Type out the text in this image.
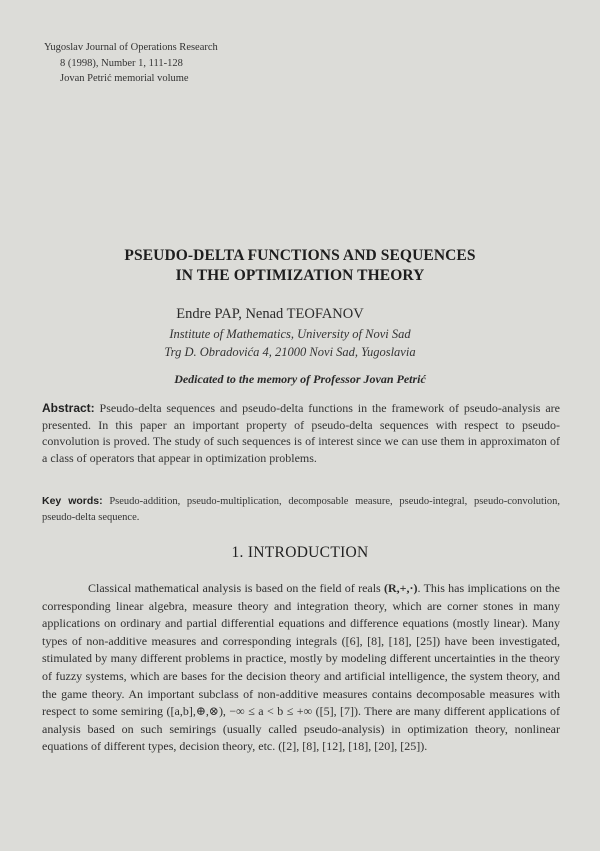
Yugoslav Journal of Operations Research
8 (1998), Number 1, 111-128
Jovan Petrić memorial volume
PSEUDO-DELTA FUNCTIONS AND SEQUENCES
IN THE OPTIMIZATION THEORY
Endre PAP, Nenad TEOFANOV
Institute of Mathematics, University of Novi Sad
Trg D. Obradovića 4, 21000 Novi Sad, Yugoslavia
Dedicated to the memory of Professor Jovan Petrić
Abstract: Pseudo-delta sequences and pseudo-delta functions in the framework of pseudo-analysis are presented. In this paper an important property of pseudo-delta sequences with respect to pseudo-convolution is proved. The study of such sequences is of interest since we can use them in approximaton of a class of operators that appear in optimization problems.
Key words: Pseudo-addition, pseudo-multiplication, decomposable measure, pseudo-integral, pseudo-convolution, pseudo-delta sequence.
1. INTRODUCTION
Classical mathematical analysis is based on the field of reals (R,+,·). This has implications on the corresponding linear algebra, measure theory and integration theory, which are corner stones in many applications on ordinary and partial differential equations and difference equations (mostly linear). Many types of non-additive measures and corresponding integrals ([6], [8], [18], [25]) have been investigated, stimulated by many different problems in practice, mostly by modeling different uncertainties in the theory of fuzzy systems, which are bases for the decision theory and artificial intelligence, the system theory, and the game theory. An important subclass of non-additive measures contains decomposable measures with respect to some semiring ([a,b],⊕,⊗), −∞ ≤ a < b ≤ +∞ ([5], [7]). There are many different applications of analysis based on such semirings (usually called pseudo-analysis) in optimization theory, nonlinear equations of different types, decision theory, etc. ([2], [8], [12], [18], [20], [25]).
